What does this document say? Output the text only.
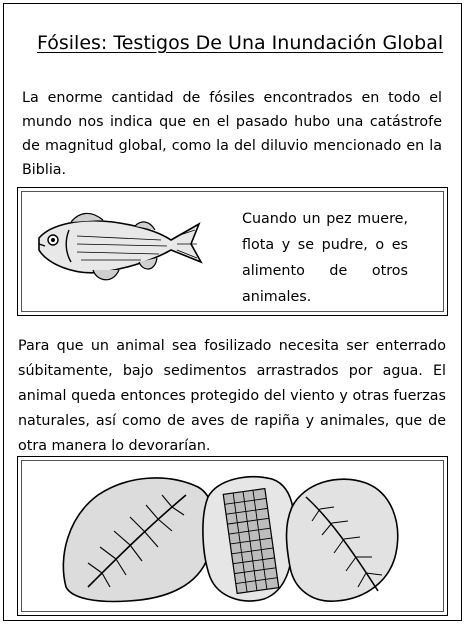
Fósiles: Testigos De Una Inundación Global
La enorme cantidad de fósiles encontrados en todo el mundo nos indica que en el pasado hubo una catástrofe de magnitud global, como la del diluvio mencionado en la Biblia.
Cuando un pez muere, flota y se pudre, o es alimento de otros animales.
Para que un animal sea fosilizado necesita ser enterrado súbitamente, bajo sedimentos arrastrados por agua. El animal queda entonces protegido del viento y otras fuerzas naturales, así como de aves de rapiña y animales, que de otra manera lo devorarían.
